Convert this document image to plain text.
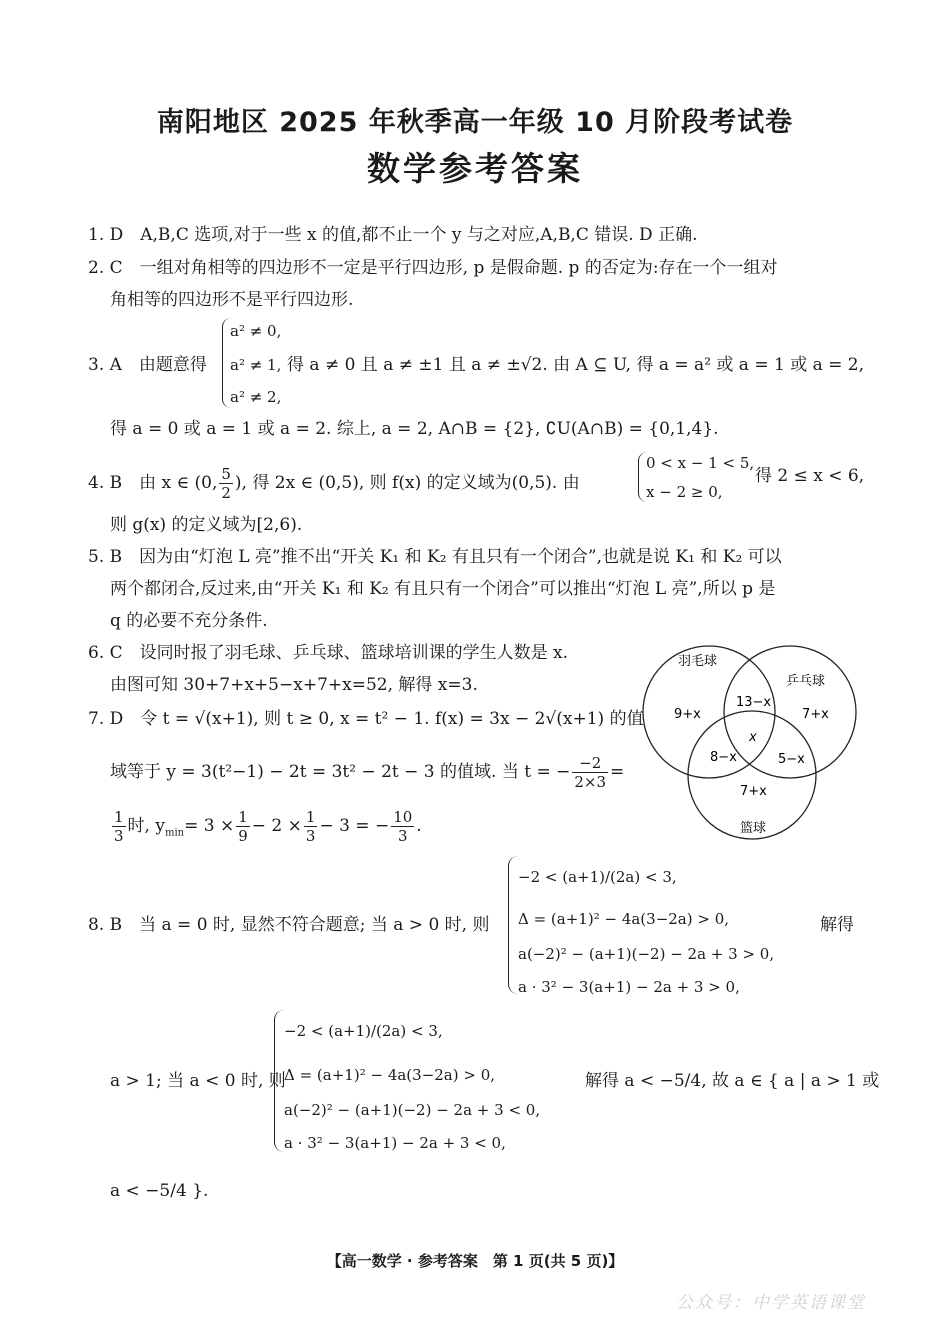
南阳地区 2025 年秋季高一年级 10 月阶段考试卷
数学参考答案
1. D　A,B,C 选项,对于一些 x 的值,都不止一个 y 与之对应,A,B,C 错误. D 正确.
2. C　一组对角相等的四边形不一定是平行四边形, p 是假命题. p 的否定为:存在一个一组对
角相等的四边形不是平行四边形.
3. A　由题意得
a² ≠ 0,
a² ≠ 1,
a² ≠ 2,
得 a ≠ 0 且 a ≠ ±1 且 a ≠ ±√2. 由 A ⊆ U, 得 a = a² 或 a = 1 或 a = 2,
得 a = 0 或 a = 1 或 a = 2. 综上, a = 2, A∩B = {2}, ∁U(A∩B) = {0,1,4}.
4. B　由 x ∈ (0, $\frac{5}{2}$ ), 得 2x ∈ (0,5), 则 f(x) 的定义域为(0,5). 由
0 < x − 1 < 5,
x − 2 ≥ 0,
得 2 ≤ x < 6,
则 g(x) 的定义域为[2,6).
5. B　因为由“灯泡 L 亮”推不出“开关 K₁ 和 K₂ 有且只有一个闭合”,也就是说 K₁ 和 K₂ 可以
两个都闭合,反过来,由“开关 K₁ 和 K₂ 有且只有一个闭合”可以推出“灯泡 L 亮”,所以 p 是
q 的必要不充分条件.
6. C　设同时报了羽毛球、乒乓球、篮球培训课的学生人数是 x.
由图可知 30+7+x+5−x+7+x=52, 解得 x=3.
羽毛球
乒乓球
篮球
9+x	7+x
7+x
13−x
8−x	5−x
x
7. D　令 t = √(x+1), 则 t ≥ 0, x = t² − 1. f(x) = 3x − 2√(x+1) 的值
域等于 y = 3(t²−1) − 2t = 3t² − 2t − 3 的值域. 当 t = − $\frac{-2}{2\times 3}$ =
$\frac{1}{3}$ 时, $y_{min}= 3 \times \frac{1}{9} - 2 \times \frac{1}{3} - 3$ = − $\frac{10}{3}$ .
8. B　当 a = 0 时, 显然不符合题意; 当 a > 0 时, 则
−2 < (a+1)/(2a) < 3,
Δ = (a+1)² − 4a(3−2a) > 0,
a(−2)² − (a+1)(−2) − 2a + 3 > 0,
a · 3² − 3(a+1) − 2a + 3 > 0,
解得
a > 1; 当 a < 0 时, 则
−2 < (a+1)/(2a) < 3,
Δ = (a+1)² − 4a(3−2a) > 0,
a(−2)² − (a+1)(−2) − 2a + 3 < 0,
a · 3² − 3(a+1) − 2a + 3 < 0,
解得 a < −5/4, 故 a ∈ { a | a > 1 或
a < −5/4 }.
【高一数学 · 参考答案　第 1 页(共 5 页)】
公众号：中学英语课堂
